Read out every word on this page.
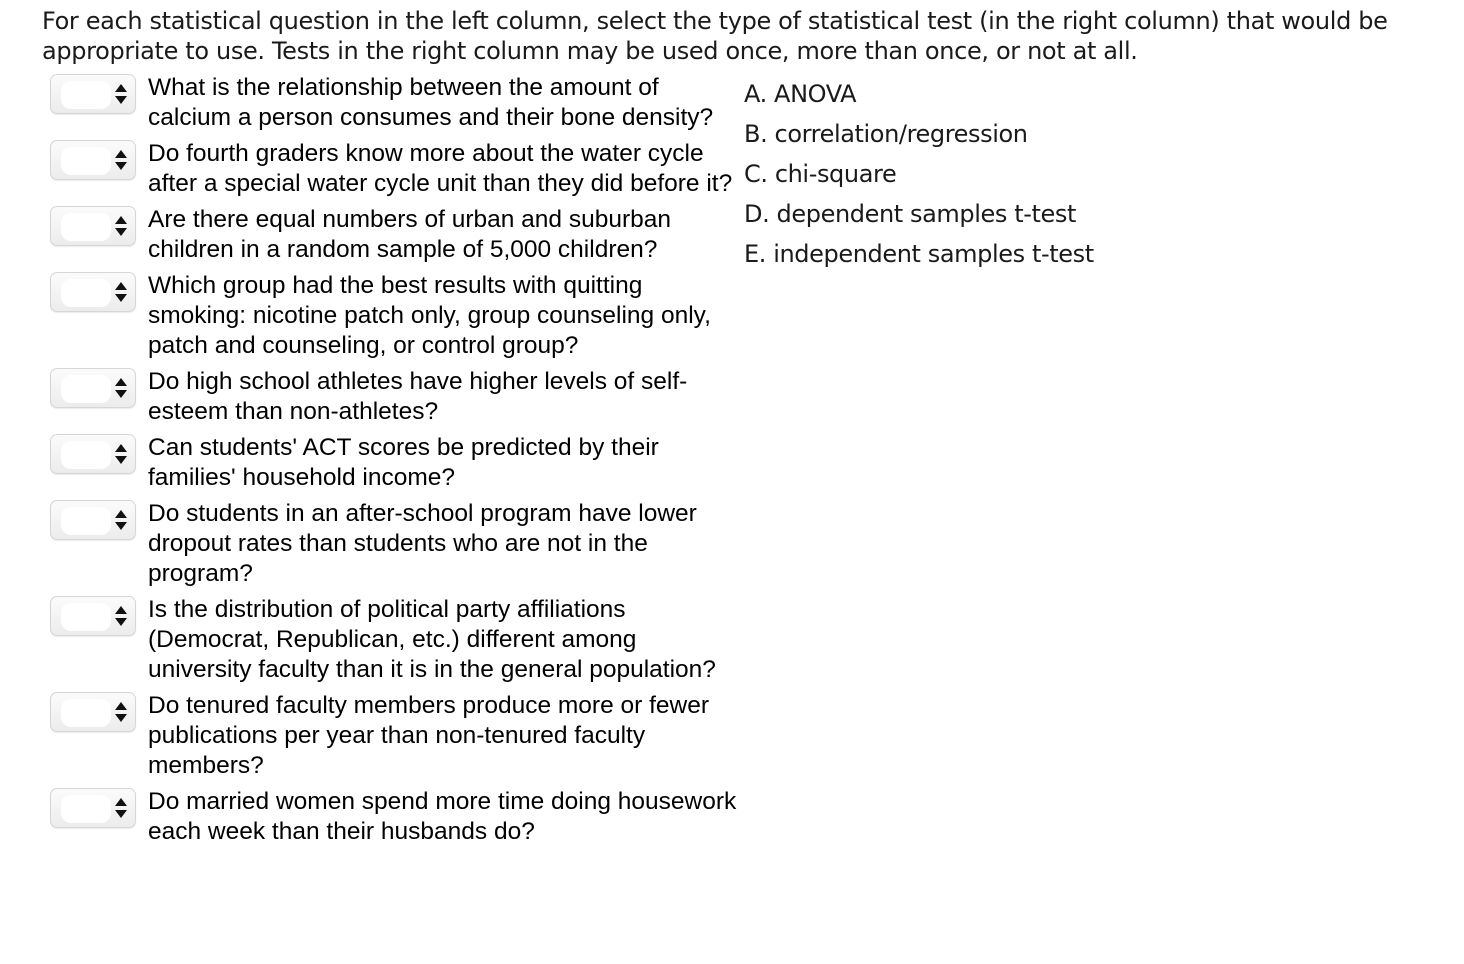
For each statistical question in the left column, select the type of statistical test (in the right column) that would be appropriate to use. Tests in the right column may be used once, more than once, or not at all.
What is the relationship between the amount of calcium a person consumes and their bone density?
Do fourth graders know more about the water cycle after a special water cycle unit than they did before it?
Are there equal numbers of urban and suburban children in a random sample of 5,000 children?
Which group had the best results with quitting smoking: nicotine patch only, group counseling only, patch and counseling, or control group?
Do high school athletes have higher levels of self-esteem than non-athletes?
Can students' ACT scores be predicted by their families' household income?
Do students in an after-school program have lower dropout rates than students who are not in the program?
Is the distribution of political party affiliations (Democrat, Republican, etc.) different among university faculty than it is in the general population?
Do tenured faculty members produce more or fewer publications per year than non-tenured faculty members?
Do married women spend more time doing housework each week than their husbands do?
A. ANOVA
B. correlation/regression
C. chi-square
D. dependent samples t-test
E. independent samples t-test
